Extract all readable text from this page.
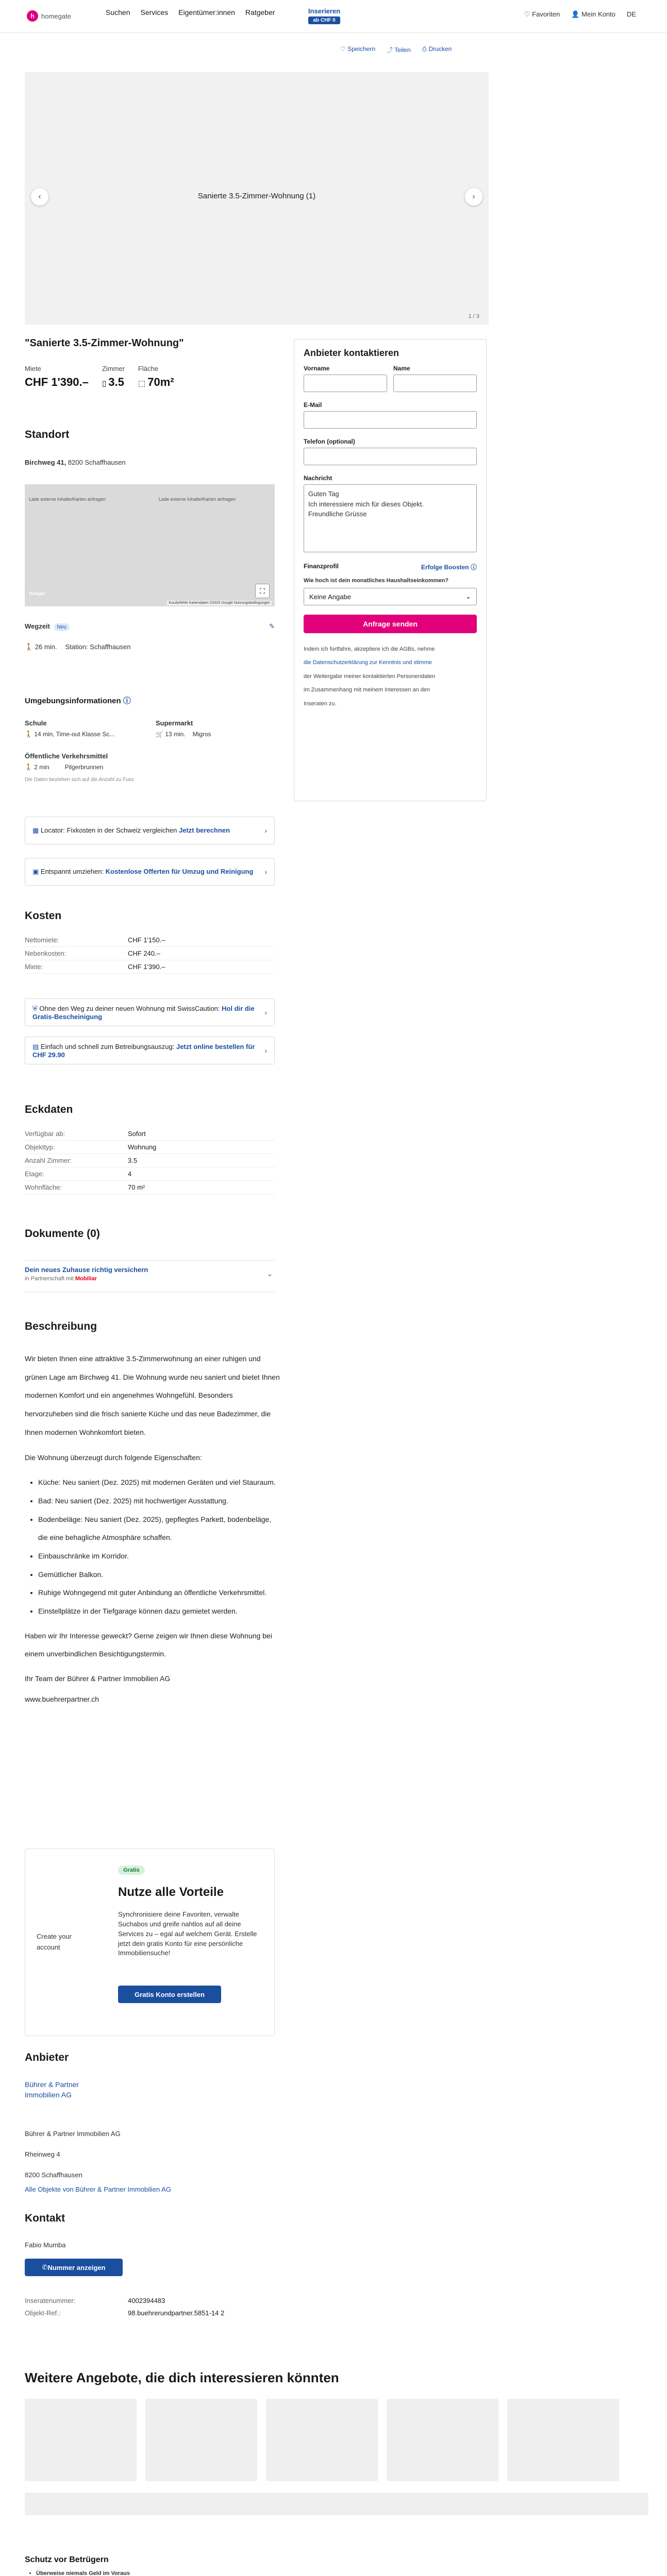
h	homegate	Suchen Services Eigentümer:innen Ratgeber	Inserieren
ab CHF 0
♡ Favoriten 👤 Mein Konto DE
♡ Speichern ⤴ Teilen ⎙ Drucken
Sanierte 3.5-Zimmer-Wohnung (1)
‹	›
1 / 3
"Sanierte 3.5-Zimmer-Wohnung"
Miete
CHF 1'390.–
Zimmer
▯ 3.5
Fläche
⬚ 70m²
Standort
Birchweg 41, 8200 Schaffhausen
Lade externe Inhalte/Karten anfragen	Lade externe Inhalte/Karten anfragen
Google	⛶
Kurzbefehle Kartendaten ©2025 Google Nutzungsbedingungen
Wegzeit Neu	✎
🚶 26 min. Station: Schaffhausen
Umgebungsinformationen ⓘ
Schule
🚶 14 min, Time-out Klasse Sc...
Supermarkt
🛒 13 min. Migros
Öffentliche Verkehrsmittel
🚶 2 min	Pilgerbrunnen
Die Daten beziehen sich auf die Anzahl zu Fuss
▦ Locator: Fixkosten in der Schweiz vergleichen Jetzt berechnen	›
▣ Entspannt umziehen: Kostenlose Offerten für Umzug und Reinigung ›
Kosten
Nettomiete:	CHF 1'150.–
Nebenkosten:	CHF 240.–
Miete:	CHF 1'390.–
⛨ Ohne den Weg zu deiner neuen Wohnung mit SwissCaution: Hol dir die Gratis-Bescheinigung	›
▤ Einfach und schnell zum Betreibungsauszug: Jetzt online bestellen für CHF 29.90	›
Eckdaten
Verfügbar ab:	Sofort
Objekttyp:	Wohnung
Anzahl Zimmer:	3.5
Etage:	4
Wohnfläche:	70 m²
Dokumente (0)
Dein neues Zuhause richtig versichern
in Partnerschaft mit Mobiliar
⌄
Beschreibung

Wir bieten Ihnen eine attraktive 3.5-Zimmerwohnung an einer ruhigen und grünen Lage am Birchweg 41. Die Wohnung wurde neu saniert und bietet Ihnen modernen Komfort und ein angenehmes Wohngefühl. Besonders hervorzuheben sind die frisch sanierte Küche und das neue Badezimmer, die Ihnen modernen Wohnkomfort bieten.

Die Wohnung überzeugt durch folgende Eigenschaften:

• Küche: Neu saniert (Dez. 2025) mit modernen Geräten und viel Stauraum.
• Bad: Neu saniert (Dez. 2025) mit hochwertiger Ausstattung.
• Bodenbeläge: Neu saniert (Dez. 2025), gepflegtes Parkett, bodenbeläge, die eine behagliche Atmosphäre schaffen.
• Einbauschränke im Korridor.
• Gemütlicher Balkon.
• Ruhige Wohngegend mit guter Anbindung an öffentliche Verkehrsmittel.
• Einstellplätze in der Tiefgarage können dazu gemietet werden.

Haben wir Ihr Interesse geweckt? Gerne zeigen wir Ihnen diese Wohnung bei einem unverbindlichen Besichtigungstermin.

Ihr Team der Bührer & Partner Immobilien AG

www.buehrerpartner.ch

Create your account
Gratis
Nutze alle Vorteile
Synchronisiere deine Favoriten, verwalte Suchabos und greife nahtlos auf all deine Services zu – egal auf welchem Gerät. Erstelle jetzt dein gratis Konto für eine persönliche Immobiliensuche!
Gratis Konto erstellen
Anbieter
Bührer & Partner Immobilien AG
Bührer & Partner Immobilien AG
Rheinweg 4
8200 Schaffhausen
Alle Objekte von Bührer & Partner Immobilien AG
Kontakt
Fabio Mumba
✆ Nummer anzeigen
Inseratenummer:	4002394483
Objekt-Ref.:	98.buehrerundpartner.5851-14 2
Anbieter kontaktieren
Vorname	Name
E-Mail
Telefon (optional)
Nachricht
Guten Tag
Ich interessiere mich für dieses Objekt.
Freundliche Grüsse
Finanzprofil	Erfolge Boosten ⓘ
Wie hoch ist dein monatliches Haushaltseinkommen?
Keine Angabe	⌄
Anfrage senden
Indem ich fortfahre, akzeptiere ich die AGBs, nehme
die Datenschutzerklärung zur Kenntnis und stimme
der Weitergabe meiner kontaktierten Personendaten
im Zusammenhang mit meinem Interessen an den
Inseraten zu.
Weitere Angebote, die dich interessieren könnten
Schutz vor Betrügern
• Überweise niemals Geld im Voraus
